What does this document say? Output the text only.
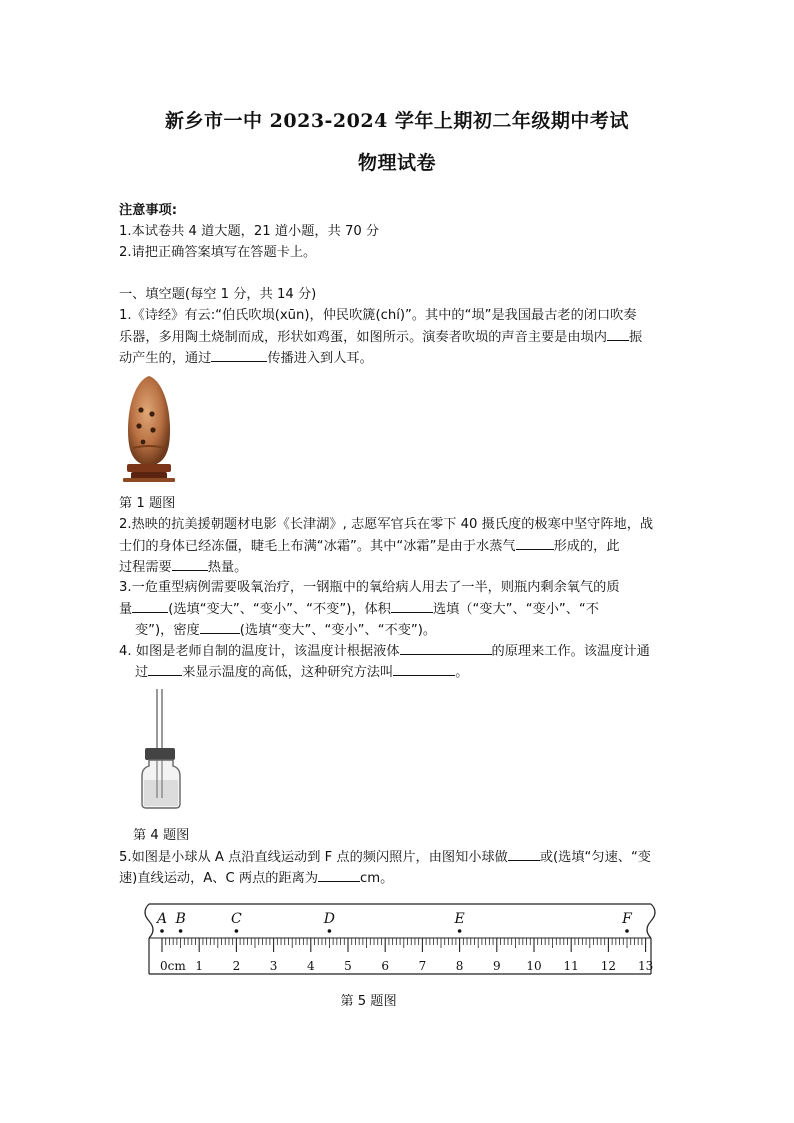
新乡市一中 2023-2024 学年上期初二年级期中考试
物理试卷
注意事项:
1.本试卷共 4 道大题，21 道小题，共 70 分
2.请把正确答案填写在答题卡上。
一、填空题(每空 1 分，共 14 分)
1.《诗经》有云:“伯氏吹埙(xūn)，仲民吹篪(chí)”。其中的“埙”是我国最古老的闭口吹奏
乐器，多用陶土烧制而成，形状如鸡蛋，如图所示。演奏者吹埙的声音主要是由埙内 振
动产生的，通过	传播进入到人耳。
第 1 题图
2.热映的抗美援朝题材电影《长津湖》, 志愿军官兵在零下 40 摄氏度的极寒中坚守阵地，战
士们的身体已经冻僵，睫毛上布满“冰霜”。其中“冰霜”是由于水蒸气	形成的，此
过程需要	热量。
3.一危重型病例需要吸氧治疗，一钢瓶中的氧给病人用去了一半，则瓶内剩余氧气的质
量	(选填“变大”、“变小”、“不变”)，体积	选填（“变大”、“变小”、“不
变”)，密度	(选填“变大”、“变小”、“不变”)。
4. 如图是老师自制的温度计，该温度计根据液体	的原理来工作。该温度计通
过	来显示温度的高低，这种研究方法叫	。
第 4 题图
5.如图是小球从 A 点沿直线运动到 F 点的频闪照片，由图知小球做 或(选填“匀速、“变
速)直线运动，A、C 两点的距离为	cm。
0cm 1 2 3 4 5 6 7 8 9 10 11 12 13
A B	C	D	E	F
第 5 题图
